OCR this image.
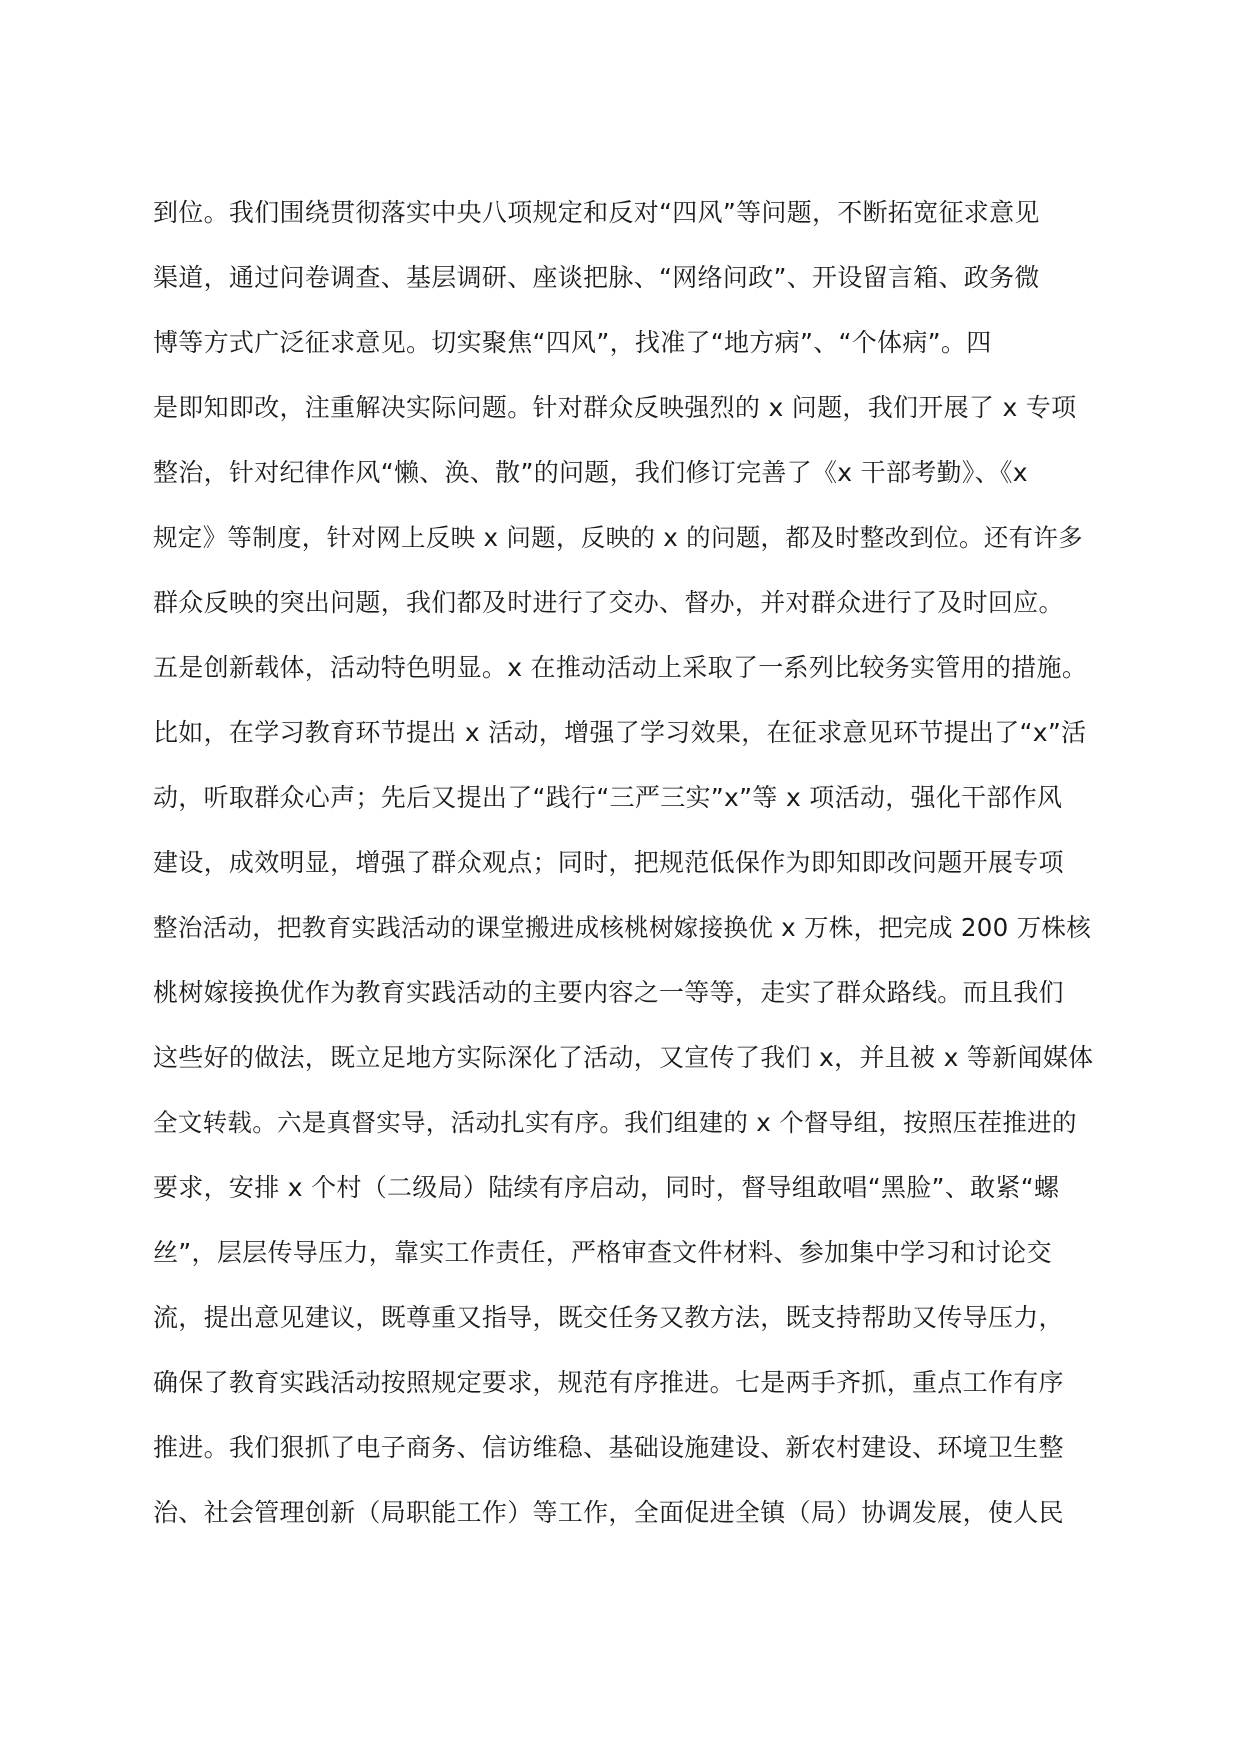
到位。我们围绕贯彻落实中央八项规定和反对“四风”等问题，不断拓宽征求意见
渠道，通过问卷调查、基层调研、座谈把脉、“网络问政”、开设留言箱、政务微
博等方式广泛征求意见。切实聚焦“四风”，找准了“地方病”、“个体病”。四
是即知即改，注重解决实际问题。针对群众反映强烈的 x 问题，我们开展了 x 专项
整治，针对纪律作风“懒、涣、散”的问题，我们修订完善了《x 干部考勤》、《x
规定》等制度，针对网上反映 x 问题，反映的 x 的问题，都及时整改到位。还有许多
群众反映的突出问题，我们都及时进行了交办、督办，并对群众进行了及时回应。
五是创新载体，活动特色明显。x 在推动活动上采取了一系列比较务实管用的措施。
比如，在学习教育环节提出 x 活动，增强了学习效果，在征求意见环节提出了“x”活
动，听取群众心声；先后又提出了“践行“三严三实”x”等 x 项活动，强化干部作风
建设，成效明显，增强了群众观点；同时，把规范低保作为即知即改问题开展专项
整治活动，把教育实践活动的课堂搬进成核桃树嫁接换优 x 万株，把完成 200 万株核
桃树嫁接换优作为教育实践活动的主要内容之一等等，走实了群众路线。而且我们
这些好的做法，既立足地方实际深化了活动，又宣传了我们 x，并且被 x 等新闻媒体
全文转载。六是真督实导，活动扎实有序。我们组建的 x 个督导组，按照压茬推进的
要求，安排 x 个村（二级局）陆续有序启动，同时，督导组敢唱“黑脸”、敢紧“螺
丝”，层层传导压力，靠实工作责任，严格审查文件材料、参加集中学习和讨论交
流，提出意见建议，既尊重又指导，既交任务又教方法，既支持帮助又传导压力，
确保了教育实践活动按照规定要求，规范有序推进。七是两手齐抓，重点工作有序
推进。我们狠抓了电子商务、信访维稳、基础设施建设、新农村建设、环境卫生整
治、社会管理创新（局职能工作）等工作，全面促进全镇（局）协调发展，使人民
